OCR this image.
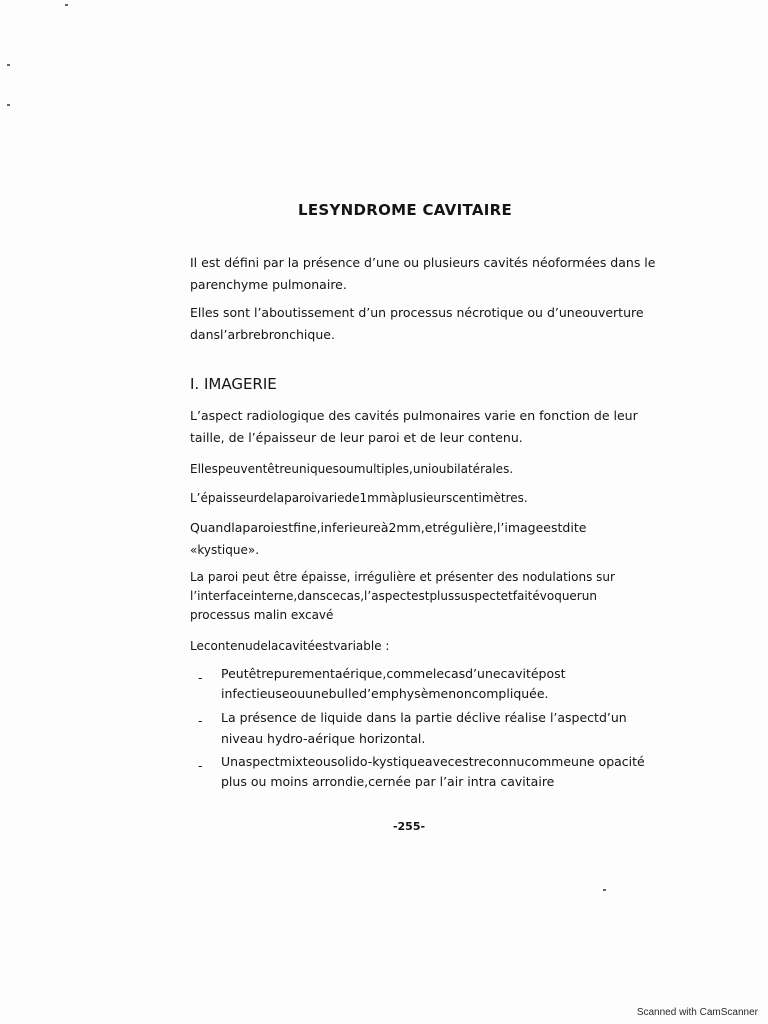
LESYNDROME CAVITAIRE
Il est défini par la présence d’une ou plusieurs cavités néoformées dans le
parenchyme pulmonaire.
Elles sont l’aboutissement d’un processus nécrotique ou d’uneouverture
dansl’arbrebronchique.
I. IMAGERIE
L’aspect radiologique des cavités pulmonaires varie en fonction de leur
taille, de l’épaisseur de leur paroi et de leur contenu.
Ellespeuventêtreuniquesoumultiples,unioubilatérales.
L’épaisseurdelaparoivariede1mmàplusieurscentimètres.
Quandlaparoiestfine,inferieureà2mm,etrégulière,l’imageestdite
«kystique».
La paroi peut être épaisse, irrégulière et présenter des nodulations sur
l’interfaceinterne,danscecas,l’aspectestplussuspectetfaitévoquerun
processus malin excavé
Lecontenudelacavitéestvariable :
- Peutêtrepurementaérique,commelecasd’unecavitépost
infectieuseouunebulled’emphysèmenoncompliquée.
- La présence de liquide dans la partie déclive réalise l’aspectd’un
niveau hydro-aérique horizontal.
- Unaspectmixteousolido-kystiqueavecestreconnucommeune opacité
plus ou moins arrondie,cernée par l’air intra cavitaire
-255-
Scanned with CamScanner
